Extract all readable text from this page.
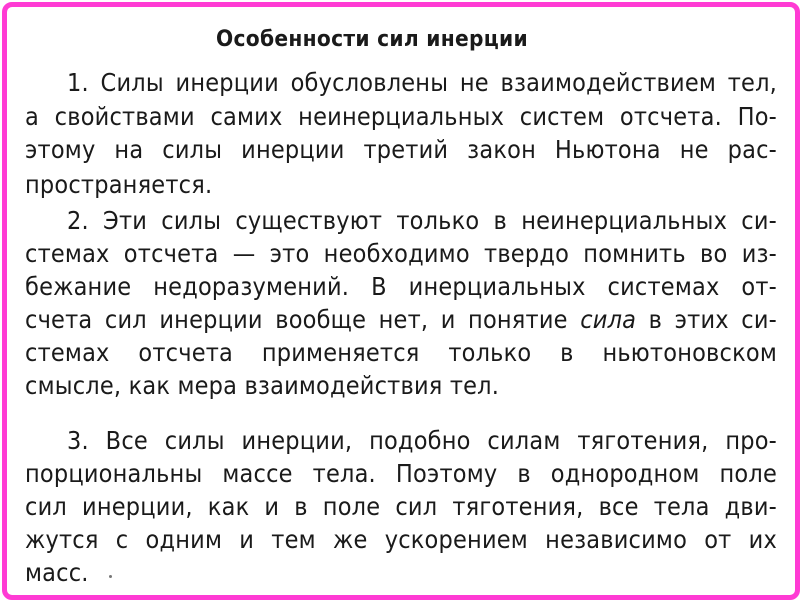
Особенности сил инерции
1. Силы инерции обусловлены не взаимодействием тел,
а свойствами самих неинерциальных систем отсчета. По-
этому на силы инерции третий закон Ньютона не рас-
пространяется.
2. Эти силы существуют только в неинерциальных си-
стемах отсчета — это необходимо твердо помнить во из-
бежание недоразумений. В инерциальных системах от-
счета сил инерции вообще нет, и понятие сила в этих си-
стемах отсчета применяется только в ньютоновском
смысле, как мера взаимодействия тел.
3. Все силы инерции, подобно силам тяготения, про-
порциональны массе тела. Поэтому в однородном поле
сил инерции, как и в поле сил тяготения, все тела дви-
жутся с одним и тем же ускорением независимо от их
масс.
